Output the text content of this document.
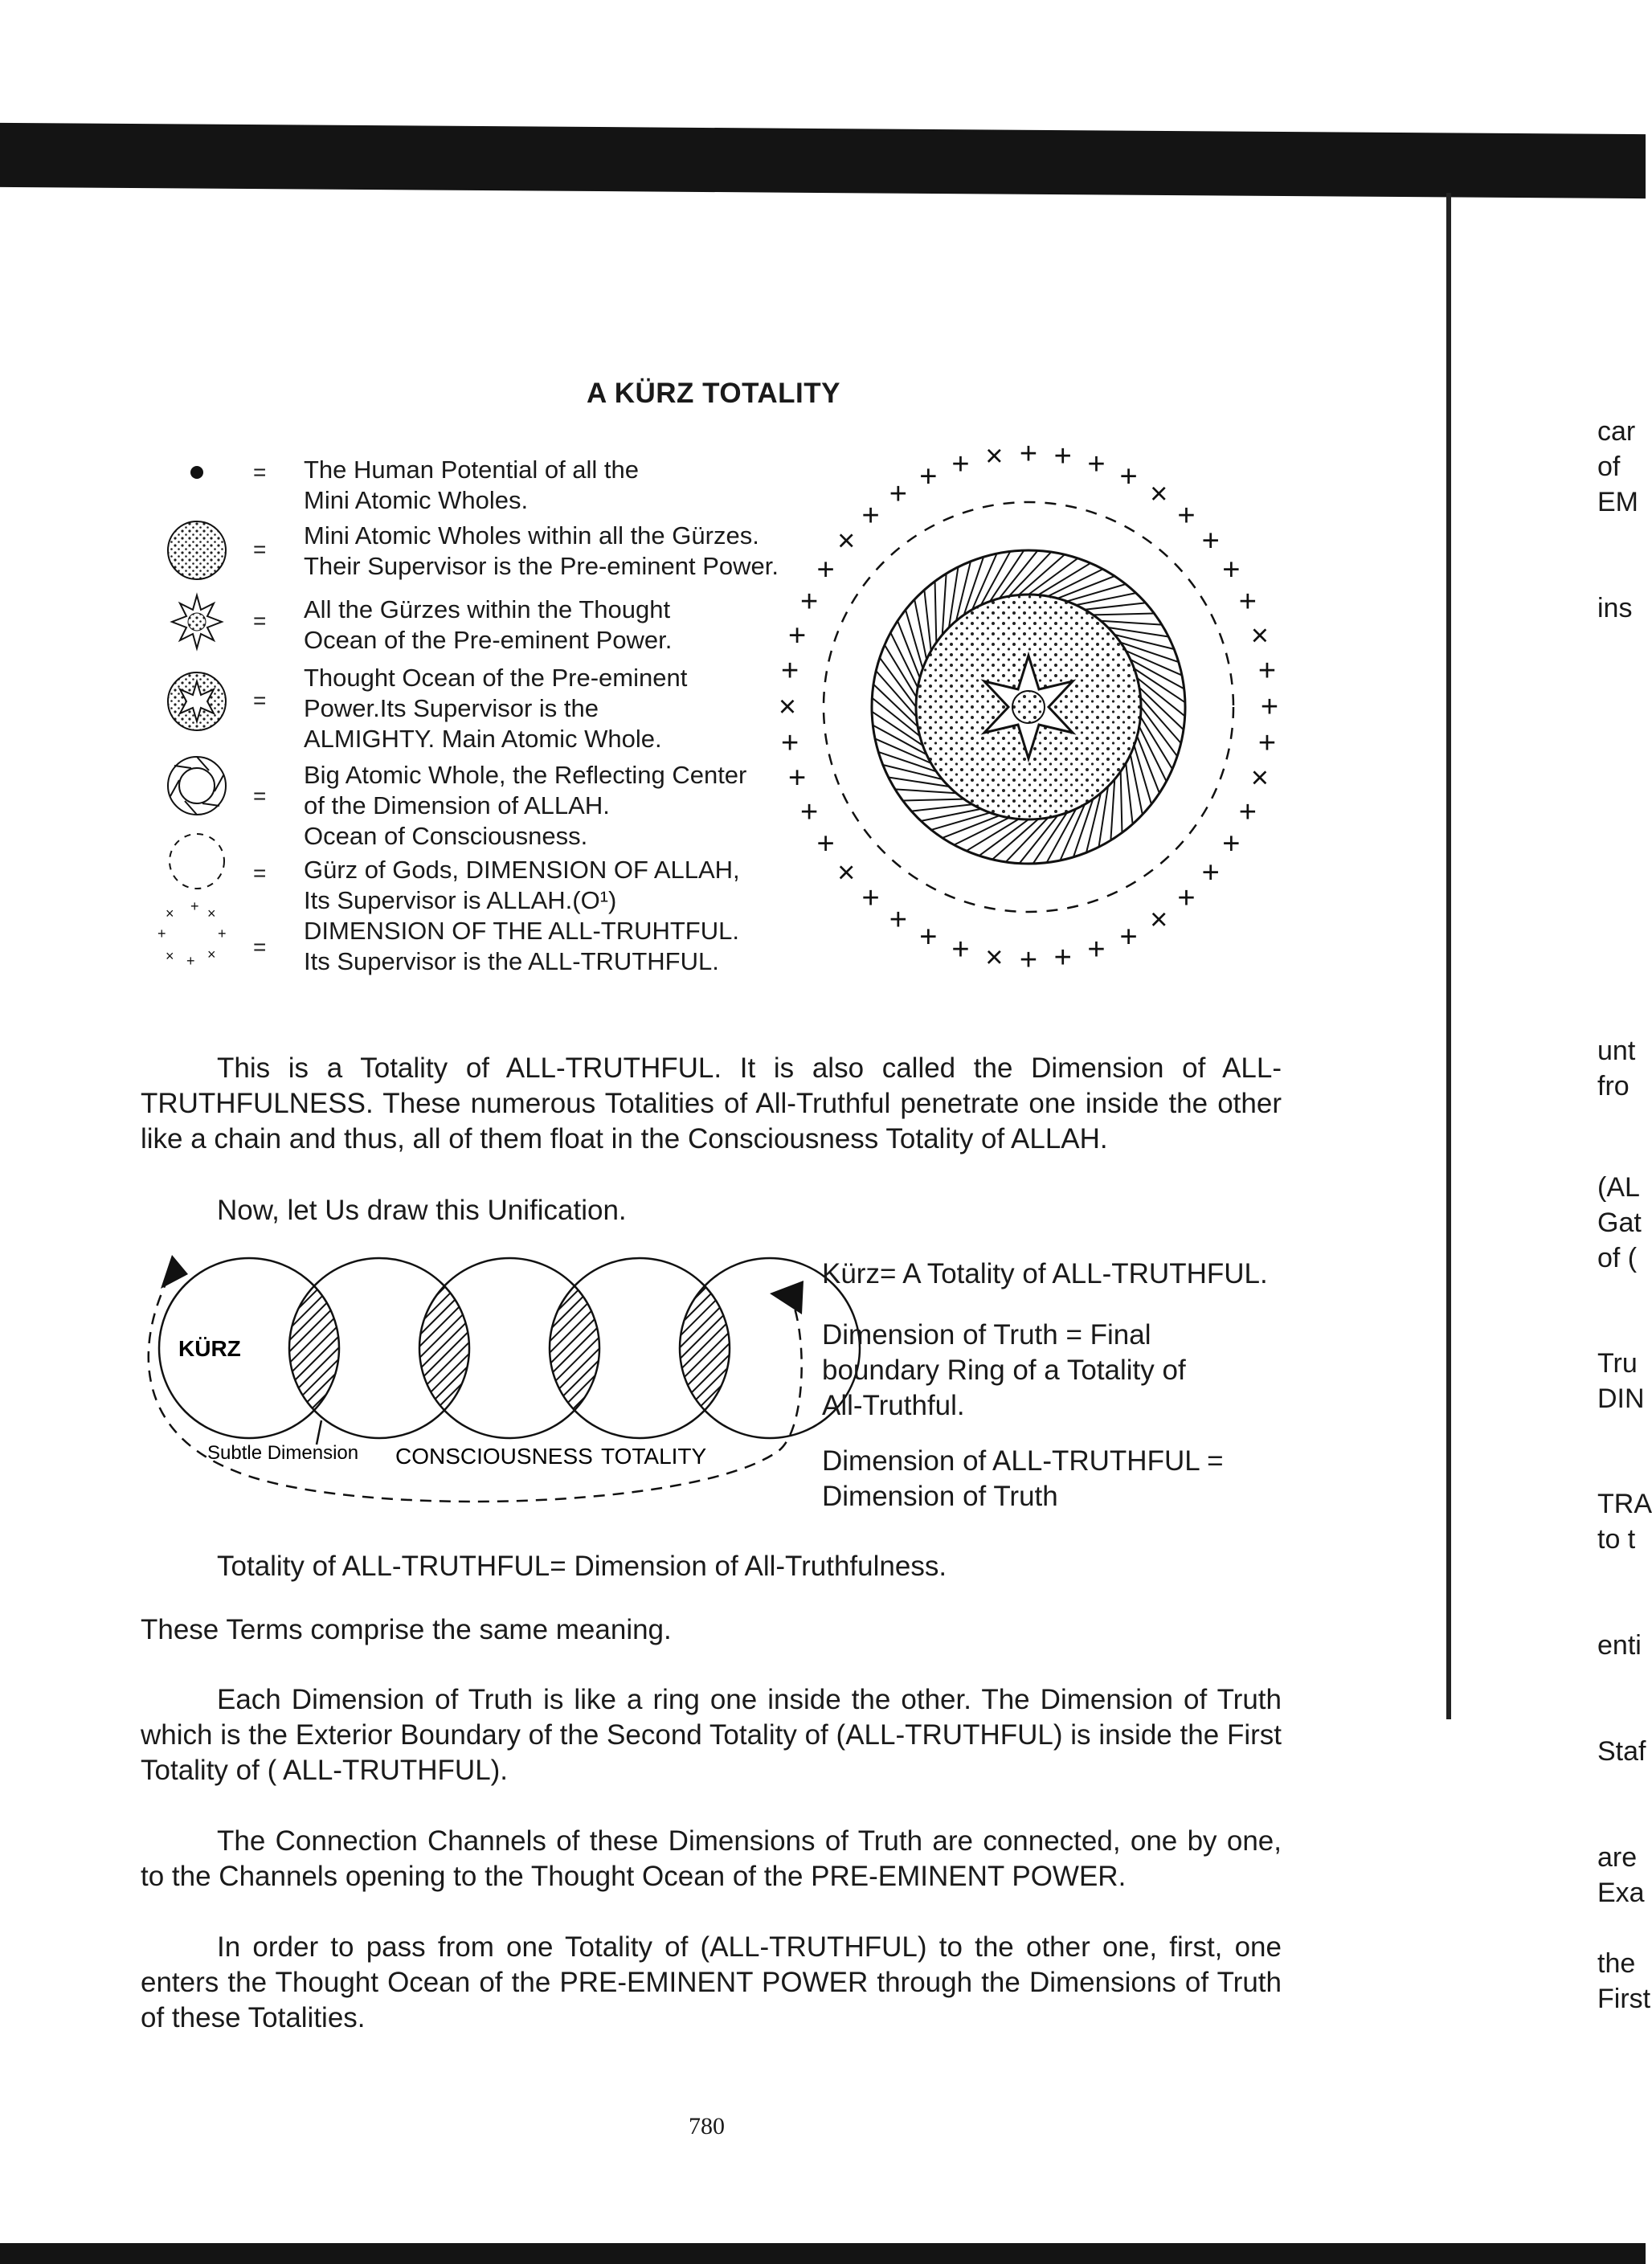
A KÜRZ TOTALITY
× + ×
+	+
× + ×
=
=
=
=
=
=
=
The Human Potential of all the
Mini Atomic Wholes.
Mini Atomic Wholes within all the Gürzes.
Their Supervisor is the Pre-eminent Power.
All the Gürzes within the Thought
Ocean of the Pre-eminent Power.
Thought Ocean of the Pre-eminent
Power.Its Supervisor is the
ALMIGHTY. Main Atomic Whole.
Big Atomic Whole, the Reflecting Center
of the Dimension of ALLAH.
Ocean of Consciousness.
Gürz of Gods, DIMENSION OF ALLAH,
Its Supervisor is ALLAH.(O¹)
DIMENSION OF THE ALL-TRUHTFUL.
Its Supervisor is the ALL-TRUTHFUL.
+
+
×
+
+
+
+
×
+
+
+
+
×
+
+
+
+
×
+
+
+
+
×
+
+
+
+
×
+
+
+ + × + + + +
×
+
+
+
+
×
+
This is a Totality of ALL-TRUTHFUL. It is also called the Dimension of ALL-TRUTHFULNESS. These numerous Totalities of All-Truthful penetrate one inside the other like a chain and thus, all of them float in the Consciousness Totality of ALLAH.
Now, let Us draw this Unification.
KÜRZ
Subtle Dimension CONSCIOUSNESS TOTALITY
Kürz= A Totality of ALL-TRUTHFUL.
Dimension of Truth = Final
boundary Ring of a Totality of
All-Truthful.
Dimension of ALL-TRUTHFUL =
Dimension of Truth
Totality of ALL-TRUTHFUL= Dimension of All-Truthfulness.
These Terms comprise the same meaning.
Each Dimension of Truth is like a ring one inside the other. The Dimension of Truth which is the Exterior Boundary of the Second Totality of (ALL-TRUTHFUL) is inside the First Totality of ( ALL-TRUTHFUL).
The Connection Channels of these Dimensions of Truth are connected, one by one, to the Channels opening to the Thought Ocean of the PRE-EMINENT POWER.
In order to pass from one Totality of (ALL-TRUTHFUL) to the other one, first, one enters the Thought Ocean of the PRE-EMINENT POWER through the Dimensions of Truth of these Totalities.
780
car
of
EM
ins
unt
fro
(AL
Gat
of (
Tru
DIN
TRA
to t
enti
Staf
are
Exa
the
First
